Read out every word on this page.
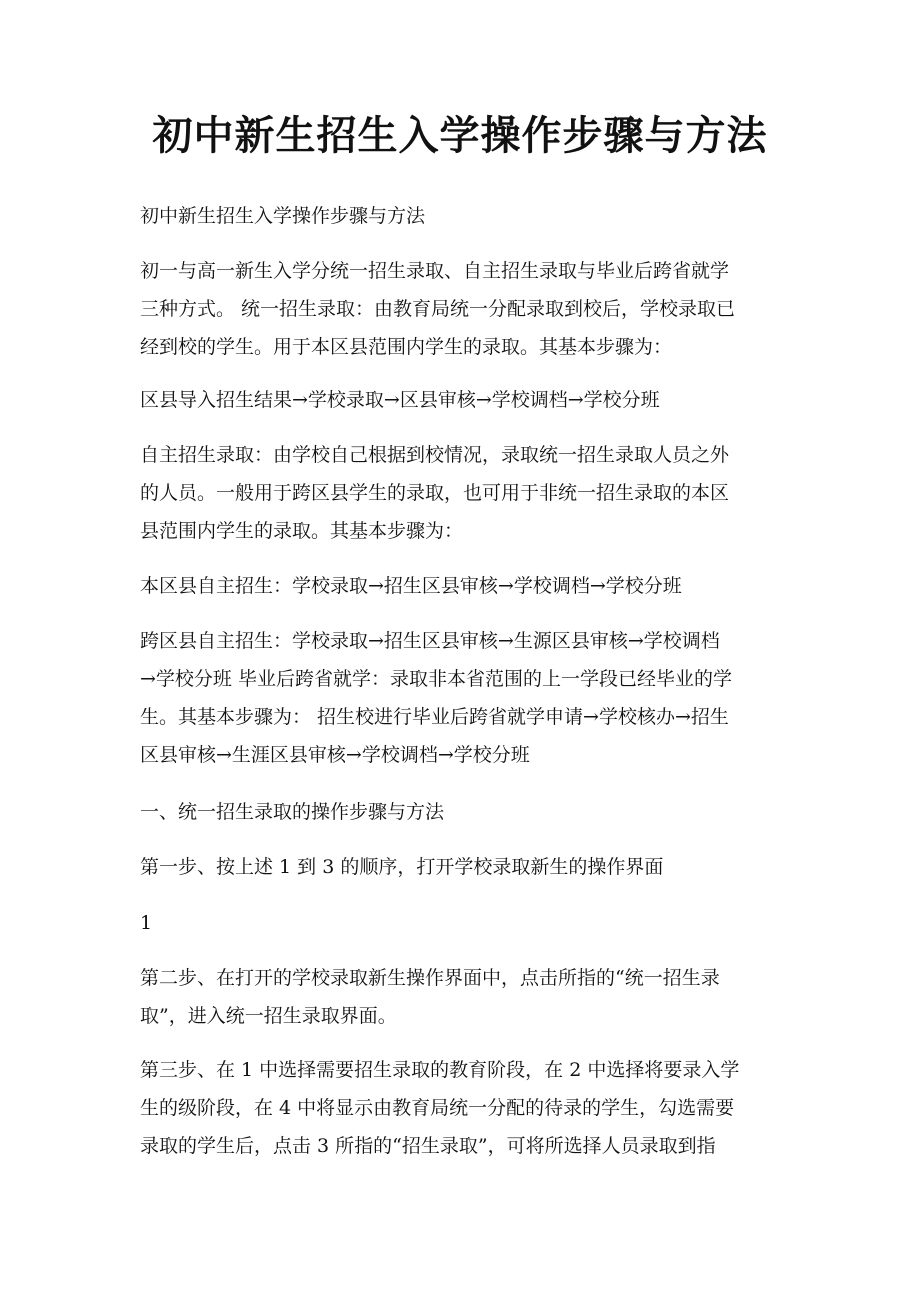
初中新生招生入学操作步骤与方法
初中新生招生入学操作步骤与方法
初一与高一新生入学分统一招生录取、自主招生录取与毕业后跨省就学
三种方式。 统一招生录取：由教育局统一分配录取到校后，学校录取已
经到校的学生。用于本区县范围内学生的录取。其基本步骤为：
区县导入招生结果→学校录取→区县审核→学校调档→学校分班
自主招生录取：由学校自己根据到校情况，录取统一招生录取人员之外
的人员。一般用于跨区县学生的录取，也可用于非统一招生录取的本区
县范围内学生的录取。其基本步骤为：
本区县自主招生：学校录取→招生区县审核→学校调档→学校分班
跨区县自主招生：学校录取→招生区县审核→生源区县审核→学校调档
→学校分班 毕业后跨省就学：录取非本省范围的上一学段已经毕业的学
生。其基本步骤为： 招生校进行毕业后跨省就学申请→学校核办→招生
区县审核→生涯区县审核→学校调档→学校分班
一、统一招生录取的操作步骤与方法
第一步、按上述 1 到 3 的顺序，打开学校录取新生的操作界面
1
第二步、在打开的学校录取新生操作界面中，点击所指的“统一招生录
取”，进入统一招生录取界面。
第三步、在 1 中选择需要招生录取的教育阶段，在 2 中选择将要录入学
生的级阶段，在 4 中将显示由教育局统一分配的待录的学生，勾选需要
录取的学生后，点击 3 所指的“招生录取”，可将所选择人员录取到指
